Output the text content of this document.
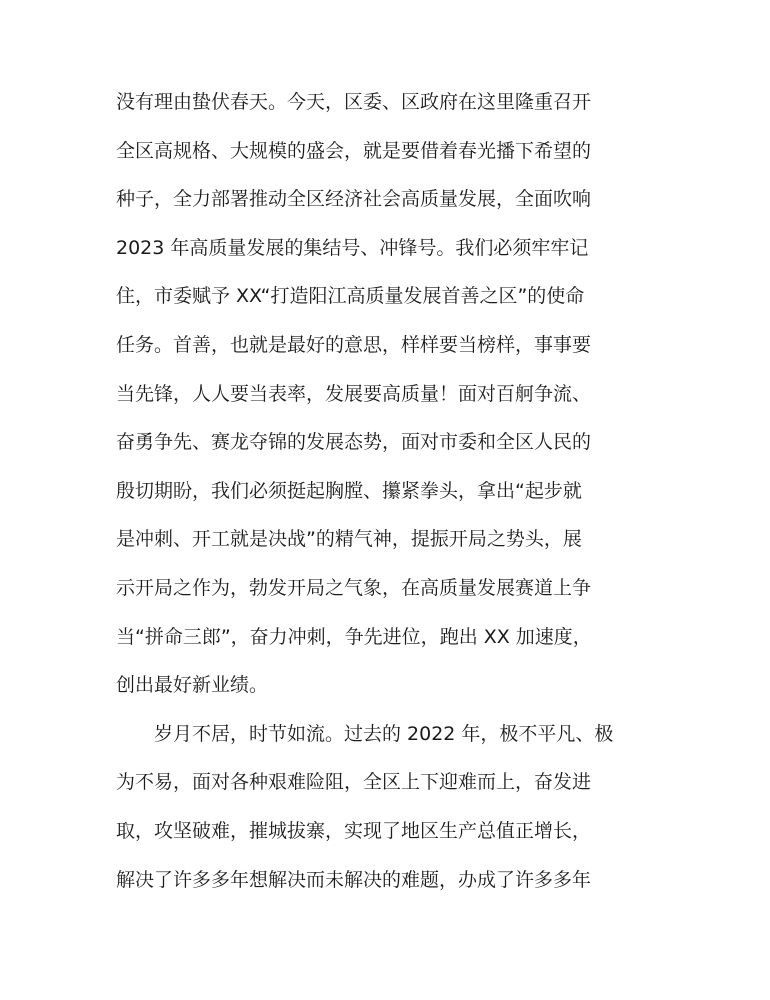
没有理由蛰伏春天。今天，区委、区政府在这里隆重召开
全区高规格、大规模的盛会，就是要借着春光播下希望的
种子，全力部署推动全区经济社会高质量发展，全面吹响
2023 年高质量发展的集结号、冲锋号。我们必须牢牢记
住，市委赋予 XX“打造阳江高质量发展首善之区”的使命
任务。首善，也就是最好的意思，样样要当榜样，事事要
当先锋，人人要当表率，发展要高质量！面对百舸争流、
奋勇争先、赛龙夺锦的发展态势，面对市委和全区人民的
殷切期盼，我们必须挺起胸膛、攥紧拳头，拿出“起步就
是冲刺、开工就是决战”的精气神，提振开局之势头，展
示开局之作为，勃发开局之气象，在高质量发展赛道上争
当“拼命三郎”，奋力冲刺，争先进位，跑出 XX 加速度，
创出最好新业绩。
岁月不居，时节如流。过去的 2022 年，极不平凡、极
为不易，面对各种艰难险阻，全区上下迎难而上，奋发进
取，攻坚破难，摧城拔寨，实现了地区生产总值正增长，
解决了许多多年想解决而未解决的难题，办成了许多多年
